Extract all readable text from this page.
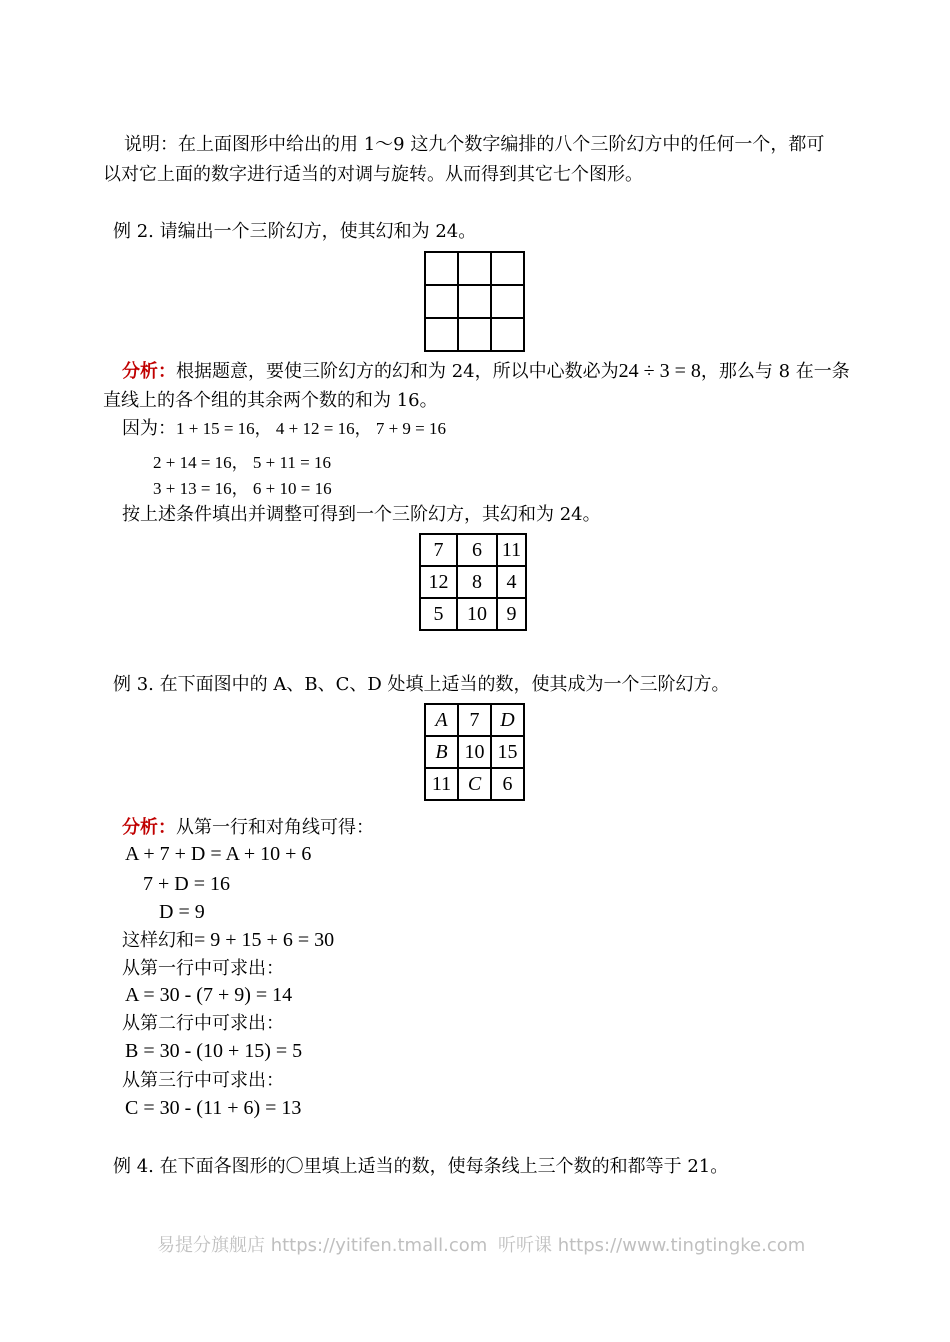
说明：在上面图形中给出的用 1～9 这九个数字编排的八个三阶幻方中的任何一个，都可
以对它上面的数字进行适当的对调与旋转。从而得到其它七个图形。
例 2. 请编出一个三阶幻方，使其幻和为 24。

分析：根据题意，要使三阶幻方的幻和为 24，所以中心数必为24 ÷ 3 = 8，那么与 8 在一条
直线上的各个组的其余两个数的和为 16。
因为：1 + 15 = 16， 4 + 12 = 16， 7 + 9 = 16
2 + 14 = 16， 5 + 11 = 16
3 + 13 = 16， 6 + 10 = 16
按上述条件填出并调整可得到一个三阶幻方，其幻和为 24。
7	6	11
12	8	4
5	10	9
例 3. 在下面图中的 A、B、C、D 处填上适当的数，使其成为一个三阶幻方。
A	7	D
B	10	15
11	C	6
分析：从第一行和对角线可得：
A + 7 + D = A + 10 + 6
7 + D = 16
D = 9
这样幻和= 9 + 15 + 6 = 30
从第一行中可求出：
A = 30 - (7 + 9) = 14
从第二行中可求出：
B = 30 - (10 + 15) = 5
从第三行中可求出：
C = 30 - (11 + 6) = 13
例 4. 在下面各图形的〇里填上适当的数，使每条线上三个数的和都等于 21。
易提分旗舰店 https://yitifen.tmall.com 听听课 https://www.tingtingke.com
